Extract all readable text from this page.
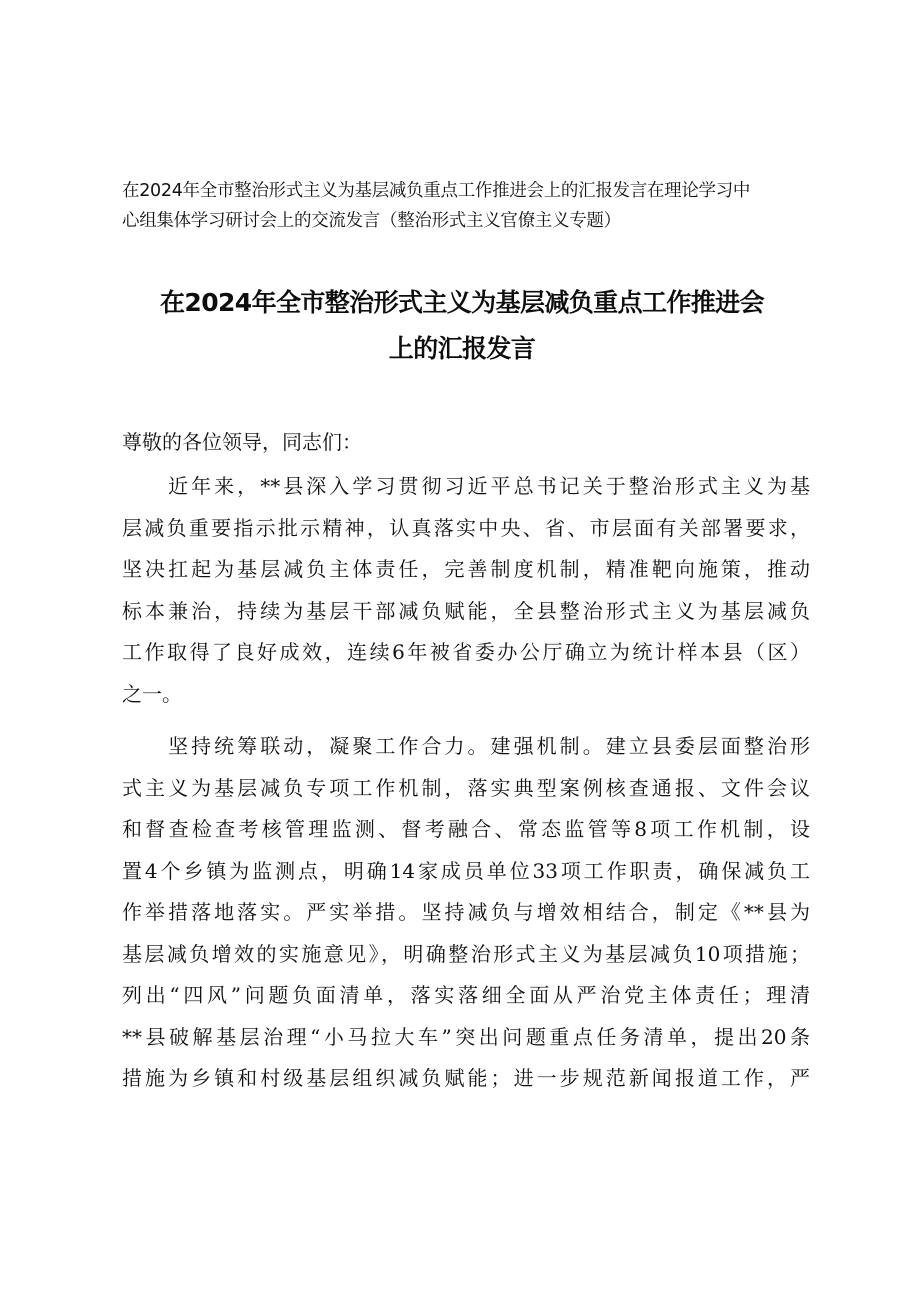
在2024年全市整治形式主义为基层减负重点工作推进会上的汇报发言在理论学习中
心组集体学习研讨会上的交流发言（整治形式主义官僚主义专题）
在2024年全市整治形式主义为基层减负重点工作推进会
上的汇报发言
尊敬的各位领导，同志们：
　　近年来，**县深入学习贯彻习近平总书记关于整治形式主义为基
层减负重要指示批示精神，认真落实中央、省、市层面有关部署要求，
坚决扛起为基层减负主体责任，完善制度机制，精准靶向施策，推动
标本兼治，持续为基层干部减负赋能，全县整治形式主义为基层减负
工作取得了良好成效，连续6年被省委办公厅确立为统计样本县（区）
之一。
　　坚持统筹联动，凝聚工作合力。建强机制。建立县委层面整治形
式主义为基层减负专项工作机制，落实典型案例核查通报、文件会议
和督查检查考核管理监测、督考融合、常态监管等8项工作机制，设
置4个乡镇为监测点，明确14家成员单位33项工作职责，确保减负工
作举措落地落实。严实举措。坚持减负与增效相结合，制定《**县为
基层减负增效的实施意见》，明确整治形式主义为基层减负10项措施；
列出“四风”问题负面清单，落实落细全面从严治党主体责任；理清
**县破解基层治理“小马拉大车”突出问题重点任务清单，提出20条
措施为乡镇和村级基层组织减负赋能；进一步规范新闻报道工作，严
